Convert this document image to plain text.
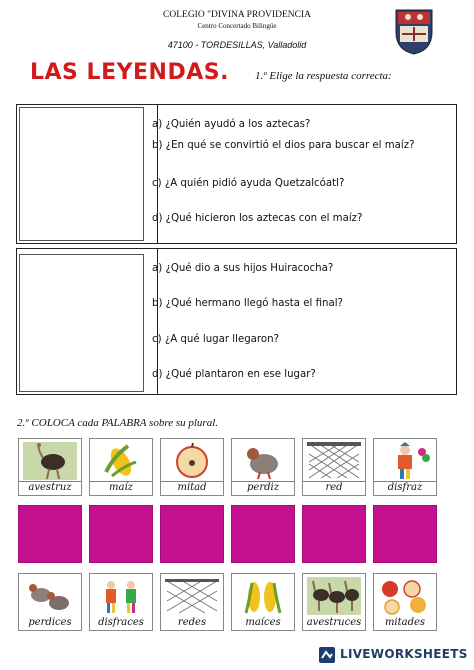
COLEGIO "DIVINA PROVIDENCIA
Centro Concertado Bilingüe
47100 - TORDESILLAS, Valladolid
LAS LEYENDAS. 1.º Elige la respuesta correcta:
a) ¿Quién ayudó a los aztecas?
b) ¿En qué se convirtió el dios para buscar el maíz?
c) ¿A quién pidió ayuda Quetzalcóatl?
d) ¿Qué hicieron los aztecas con el maíz?
a) ¿Qué dio a sus hijos Huiracocha?
b) ¿Qué hermano llegó hasta el final?
c) ¿A qué lugar llegaron?
d) ¿Qué plantaron en ese lugar?
2.º COLOCA cada PALABRA sobre su plural.
avestruz	maíz	mitad	perdiz	red	disfraz
perdices	disfraces	redes	maíces	avestruces	mitades
LIVEWORKSHEETS
